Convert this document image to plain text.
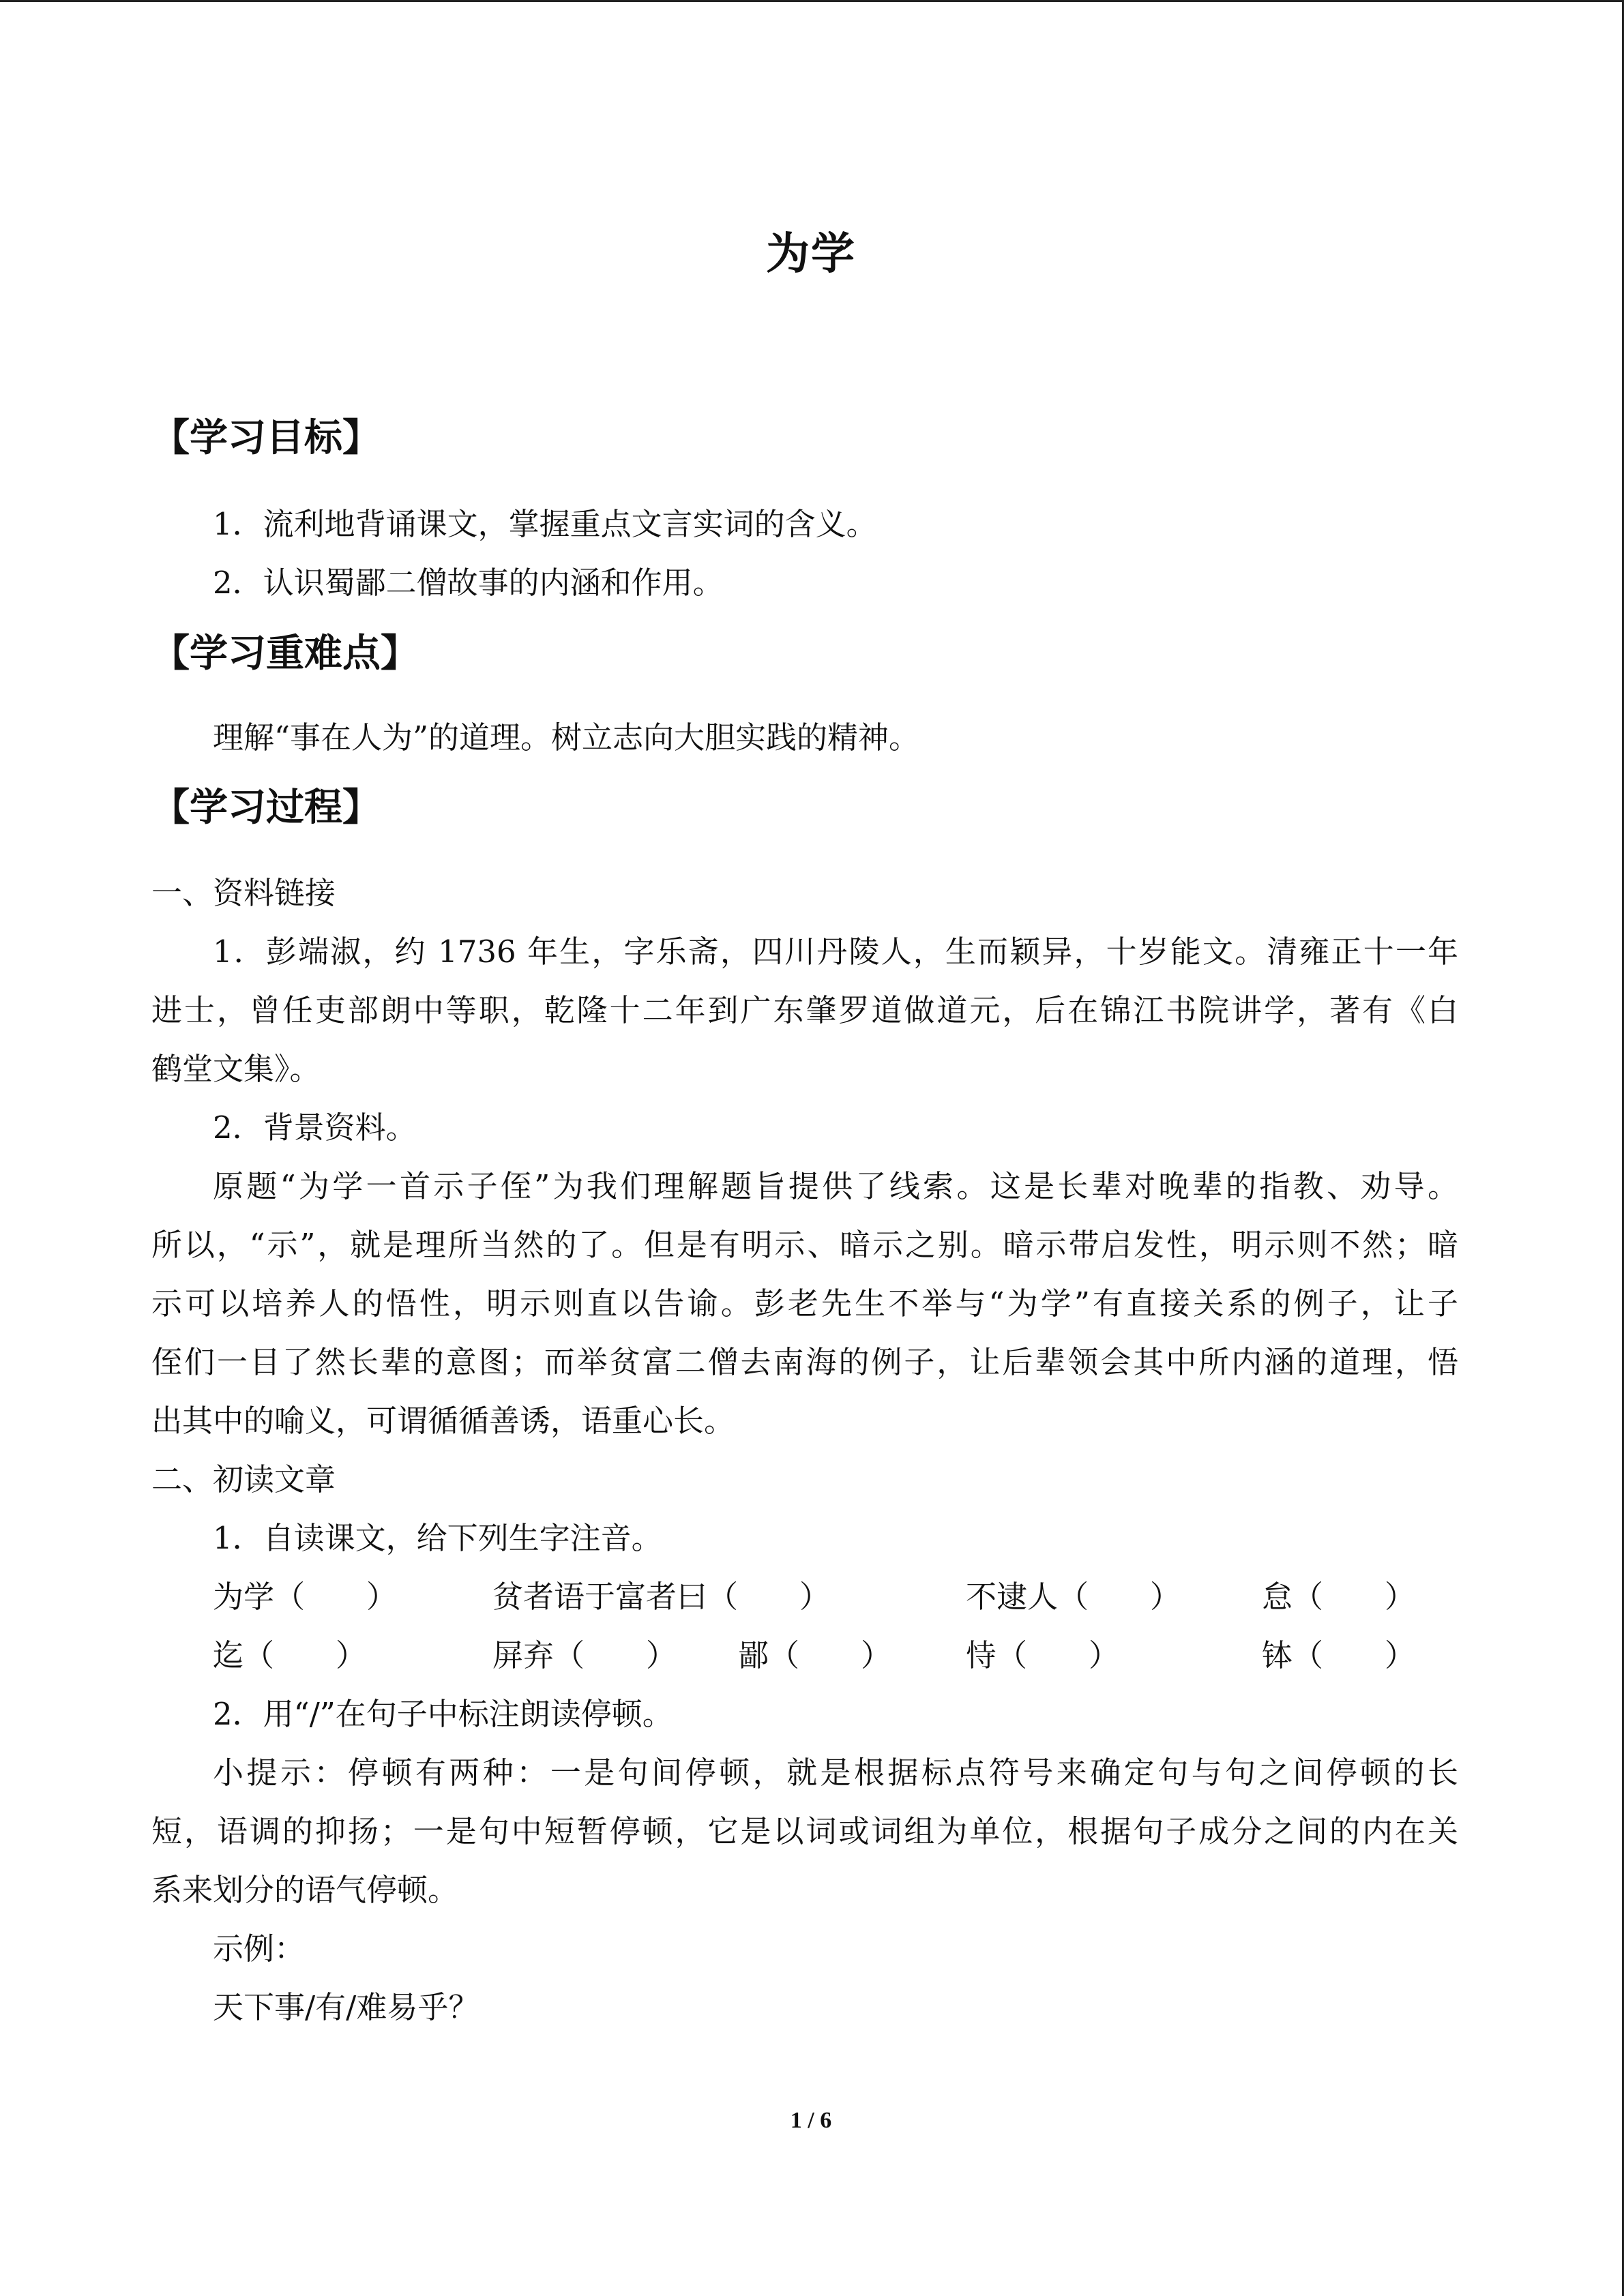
为学
【学习目标】
1．流利地背诵课文，掌握重点文言实词的含义。
2．认识蜀鄙二僧故事的内涵和作用。
【学习重难点】
理解“事在人为”的道理。树立志向大胆实践的精神。
【学习过程】
一、资料链接
1．彭端淑，约 1736 年生，字乐斋，四川丹陵人，生而颖异，十岁能文。清雍正十一年
进士，曾任吏部朗中等职，乾隆十二年到广东肇罗道做道元，后在锦江书院讲学，著有《白
鹤堂文集》。
2．背景资料。
原题“为学一首示子侄”为我们理解题旨提供了线索。这是长辈对晚辈的指教、劝导。
所以，“示”，就是理所当然的了。但是有明示、暗示之别。暗示带启发性，明示则不然；暗
示可以培养人的悟性，明示则直以告谕。彭老先生不举与“为学”有直接关系的例子，让子
侄们一目了然长辈的意图；而举贫富二僧去南海的例子，让后辈领会其中所内涵的道理，悟
出其中的喻义，可谓循循善诱，语重心长。
二、初读文章
1．自读课文，给下列生字注音。
为学（　　）	贫者语于富者曰（　　）	不逮人（　　）	怠（　　）
迄（　　）	屏弃（　　） 鄙（　　） 恃（　　）	钵（　　）
2．用“/”在句子中标注朗读停顿。
小提示：停顿有两种：一是句间停顿，就是根据标点符号来确定句与句之间停顿的长
短，语调的抑扬；一是句中短暂停顿，它是以词或词组为单位，根据句子成分之间的内在关
系来划分的语气停顿。
示例：
天下事/有/难易乎？
1 / 6
